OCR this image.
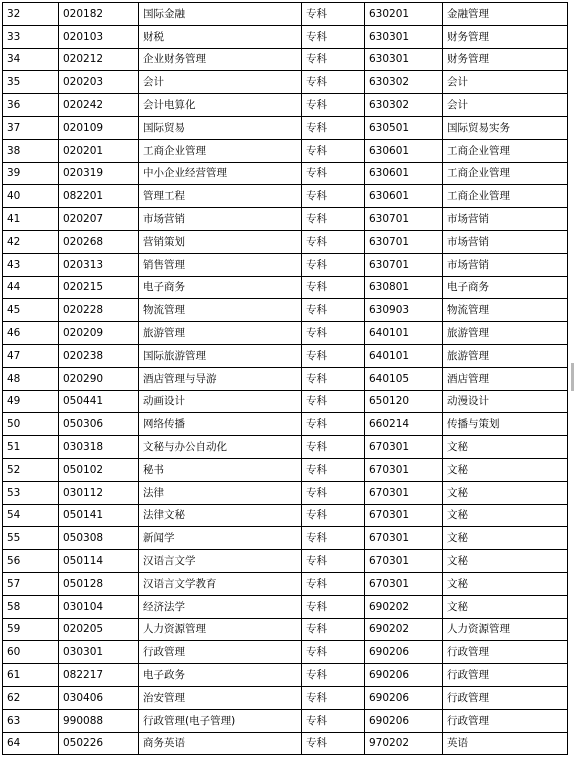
32	020182	国际金融	专科	630201	金融管理
33	020103	财税	专科	630301	财务管理
34	020212	企业财务管理	专科	630301	财务管理
35	020203	会计	专科	630302	会计
36	020242	会计电算化	专科	630302	会计
37	020109	国际贸易	专科	630501	国际贸易实务
38	020201	工商企业管理	专科	630601	工商企业管理
39	020319	中小企业经营管理	专科	630601	工商企业管理
40	082201	管理工程	专科	630601	工商企业管理
41	020207	市场营销	专科	630701	市场营销
42	020268	营销策划	专科	630701	市场营销
43	020313	销售管理	专科	630701	市场营销
44	020215	电子商务	专科	630801	电子商务
45	020228	物流管理	专科	630903	物流管理
46	020209	旅游管理	专科	640101	旅游管理
47	020238	国际旅游管理	专科	640101	旅游管理
48	020290	酒店管理与导游	专科	640105	酒店管理
49	050441	动画设计	专科	650120	动漫设计
50	050306	网络传播	专科	660214	传播与策划
51	030318	文秘与办公自动化	专科	670301	文秘
52	050102	秘书	专科	670301	文秘
53	030112	法律	专科	670301	文秘
54	050141	法律文秘	专科	670301	文秘
55	050308	新闻学	专科	670301	文秘
56	050114	汉语言文学	专科	670301	文秘
57	050128	汉语言文学教育	专科	670301	文秘
58	030104	经济法学	专科	690202	文秘
59	020205	人力资源管理	专科	690202	人力资源管理
60	030301	行政管理	专科	690206	行政管理
61	082217	电子政务	专科	690206	行政管理
62	030406	治安管理	专科	690206	行政管理
63	990088	行政管理(电子管理)	专科	690206	行政管理
64	050226	商务英语	专科	970202	英语
